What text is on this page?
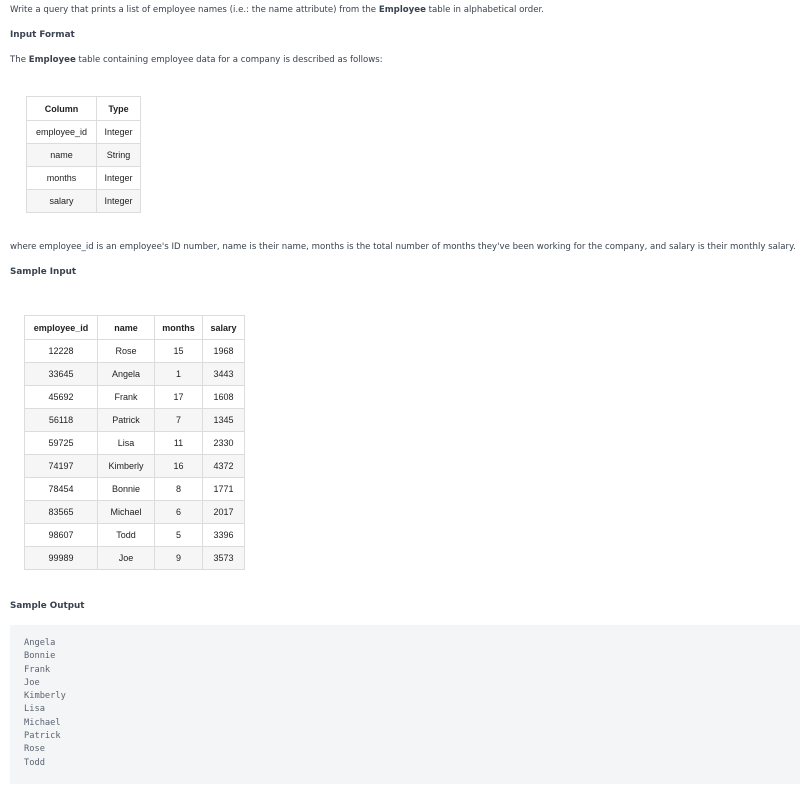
Write a query that prints a list of employee names (i.e.: the name attribute) from the Employee table in alphabetical order.

Input Format

The Employee table containing employee data for a company is described as follows:

Column	Type
employee_id	Integer
name	String
months	Integer
salary	Integer

where employee_id is an employee's ID number, name is their name, months is the total number of months they've been working for the company, and salary is their monthly salary.

Sample Input

employee_id	name	months	salary
12228	Rose	15	1968
33645	Angela	1	3443
45692	Frank	17	1608
56118	Patrick	7	1345
59725	Lisa	11	2330
74197	Kimberly	16	4372
78454	Bonnie	8	1771
83565	Michael	6	2017
98607	Todd	5	3396
99989	Joe	9	3573

Sample Output

Angela
Bonnie
Frank
Joe
Kimberly
Lisa
Michael
Patrick
Rose
Todd
